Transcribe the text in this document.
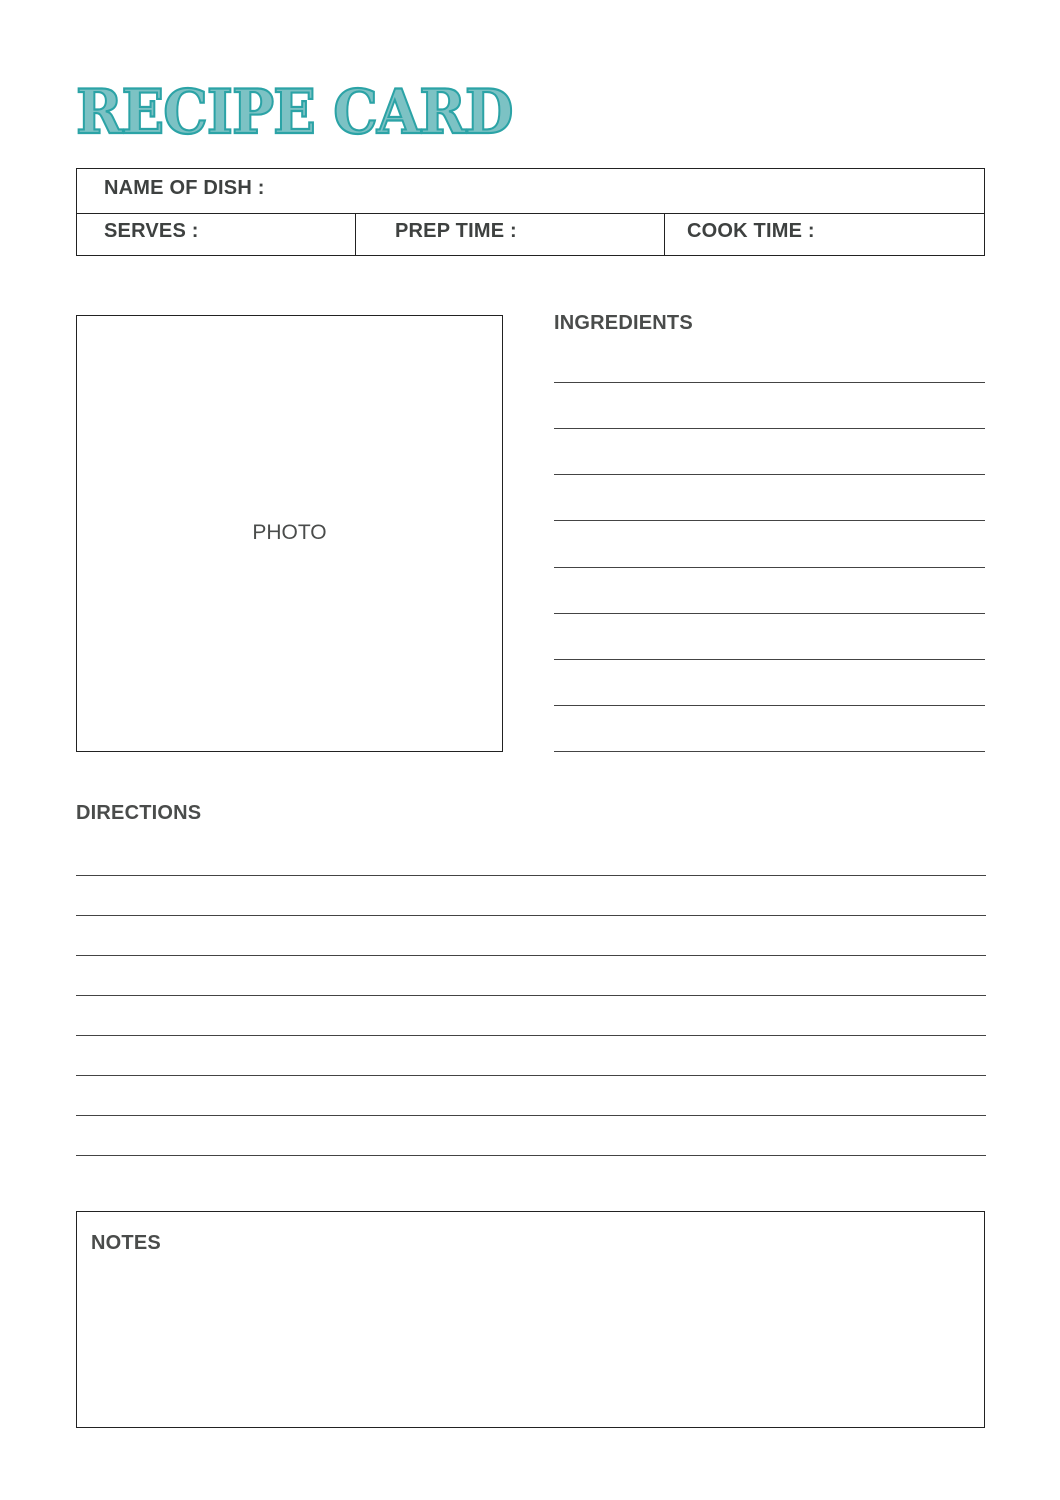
RECIPE CARD
NAME OF DISH :
SERVES :	PREP TIME :	COOK TIME :
PHOTO
INGREDIENTS
DIRECTIONS
NOTES
